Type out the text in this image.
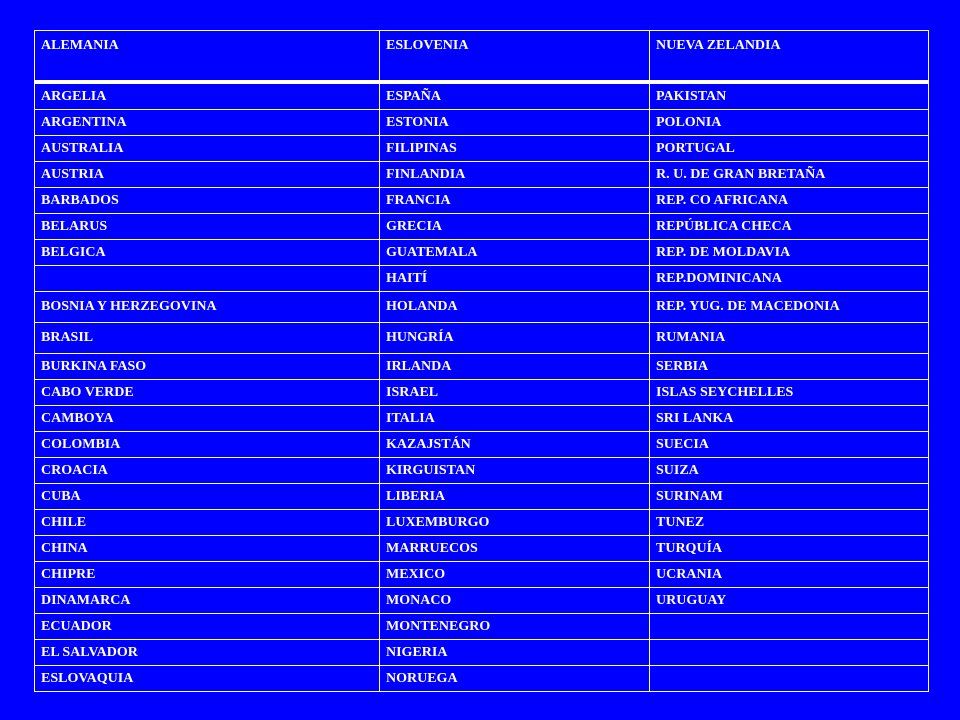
ALEMANIA	ESLOVENIA	NUEVA ZELANDIA
ARGELIA	ESPAÑA	PAKISTAN
ARGENTINA	ESTONIA	POLONIA
AUSTRALIA	FILIPINAS	PORTUGAL
AUSTRIA	FINLANDIA	R. U. DE GRAN BRETAÑA
BARBADOS	FRANCIA	REP. CO AFRICANA
BELARUS	GRECIA	REPÚBLICA CHECA
BELGICA	GUATEMALA	REP. DE MOLDAVIA
	HAITÍ	REP.DOMINICANA
BOSNIA Y HERZEGOVINA	HOLANDA	REP. YUG. DE MACEDONIA
BRASIL	HUNGRÍA	RUMANIA
BURKINA FASO	IRLANDA	SERBIA
CABO VERDE	ISRAEL	ISLAS SEYCHELLES
CAMBOYA	ITALIA	SRI LANKA
COLOMBIA	KAZAJSTÁN	SUECIA
CROACIA	KIRGUISTAN	SUIZA
CUBA	LIBERIA	SURINAM
CHILE	LUXEMBURGO	TUNEZ
CHINA	MARRUECOS	TURQUÍA
CHIPRE	MEXICO	UCRANIA
DINAMARCA	MONACO	URUGUAY
ECUADOR	MONTENEGRO	
EL SALVADOR	NIGERIA	
ESLOVAQUIA	NORUEGA	
